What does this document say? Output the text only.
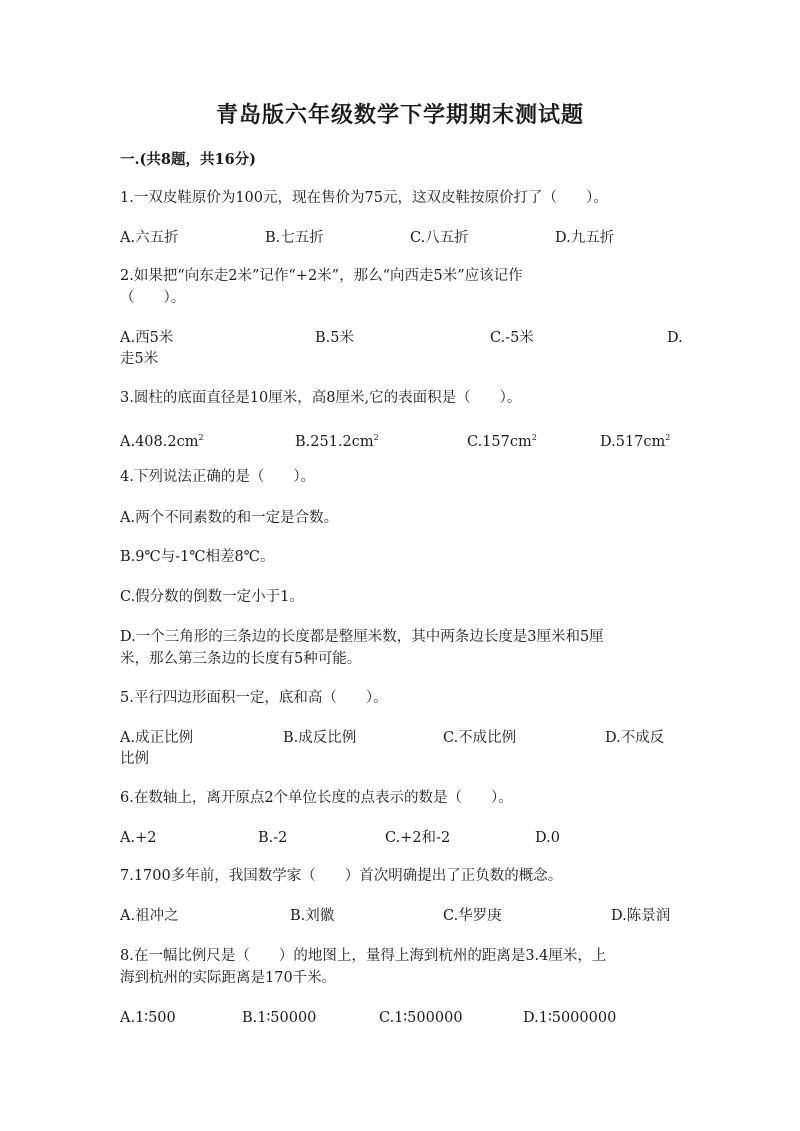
青岛版六年级数学下学期期末测试题
一.(共8题，共16分)
1.一双皮鞋原价为100元，现在售价为75元，这双皮鞋按原价打了（　　）。
A.六五折	B.七五折	C.八五折	D.九五折
2.如果把“向东走2米”记作“+2米”，那么“向西走5米”应该记作
（　　）。
A.西5米	B.5米	C.-5米	D.
走5米
3.圆柱的底面直径是10厘米，高8厘米,它的表面积是（　　）。
$A.408.2cm^2$	$B.251.2cm^2$	$C.157cm^2$	$D.517cm^2$
4.下列说法正确的是（　　）。
A.两个不同素数的和一定是合数。
B.9℃与-1℃相差8℃。
C.假分数的倒数一定小于1。
D.一个三角形的三条边的长度都是整厘米数，其中两条边长度是3厘米和5厘
米，那么第三条边的长度有5种可能。
5.平行四边形面积一定，底和高（　　）。
A.成正比例	B.成反比例	C.不成比例	D.不成反
比例
6.在数轴上，离开原点2个单位长度的点表示的数是（　　）。
A.+2	B.-2	C.+2和-2	D.0
7.1700多年前，我国数学家（　　）首次明确提出了正负数的概念。
A.祖冲之	B.刘徽	C.华罗庚	D.陈景润
8.在一幅比例尺是（　　）的地图上，量得上海到杭州的距离是3.4厘米，上
海到杭州的实际距离是170千米。
A.1∶500	B.1∶50000	C.1∶500000	D.1∶5000000
